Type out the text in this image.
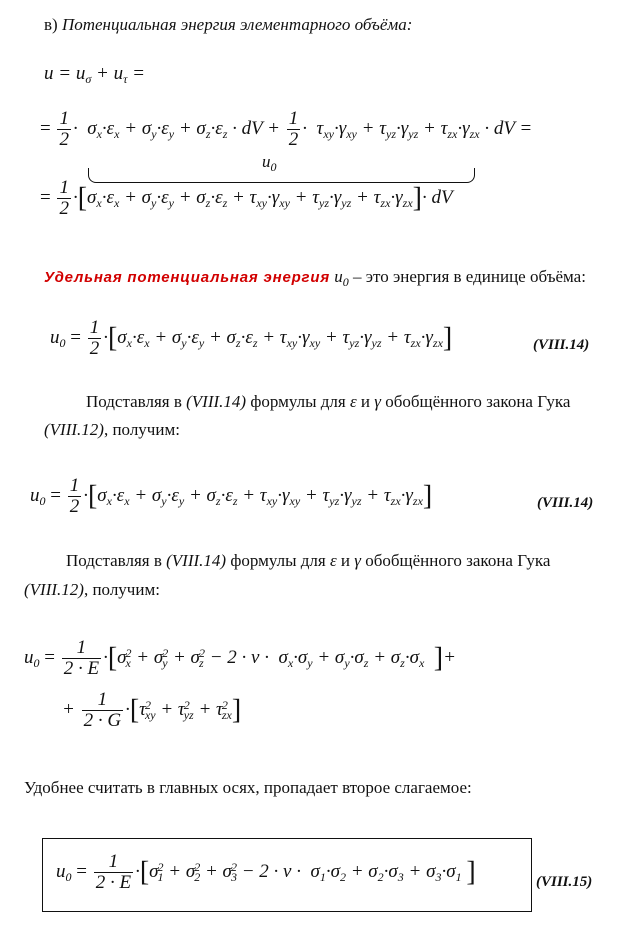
в) Потенциальная энергия элементарного объёма:
$u = u_\sigma + u_\tau$ =
= $\frac{1}{2} \cdot \sigma_x\cdot\varepsilon_x + \sigma_y\cdot\varepsilon_y + \sigma_z\cdot\varepsilon_z$ · dV + $\frac{1}{2} \cdot \tau_{xy}\cdot\gamma_{xy} + \tau_{yz}\cdot\gamma_{yz} + \tau_{zx}\cdot\gamma_{zx}$ · dV =
$u_0$
= $\frac{1}{2} \cdot[\sigma_x\cdot\varepsilon_x + \sigma_y\cdot\varepsilon_y + \sigma_z\cdot\varepsilon_z + \tau_{xy}\cdot\gamma_{xy} + \tau_{yz}\cdot\gamma_{yz} + \tau_{zx}\cdot\gamma_{zx}]\cdot$ dV
Удельная потенциальная энергия $u_0$ – это энергия в единице объёма:
$u_0 = \frac{1}{2} \cdot[\sigma_x\cdot\varepsilon_x + \sigma_y\cdot\varepsilon_y + \sigma_z\cdot\varepsilon_z + \tau_{xy}\cdot\gamma_{xy} + \tau_{yz}\cdot\gamma_{yz} + \tau_{zx}\cdot\gamma_{zx}]$	(VIII.14)
Подставляя в (VIII.14) формулы для ε и γ обобщённого закона Гука
(VIII.12), получим:
$u_0 = \frac{1}{2} \cdot[\sigma_x\cdot\varepsilon_x + \sigma_y\cdot\varepsilon_y + \sigma_z\cdot\varepsilon_z + \tau_{xy}\cdot\gamma_{xy} + \tau_{yz}\cdot\gamma_{yz} + \tau_{zx}\cdot\gamma_{zx}]$	(VIII.14)
Подставляя в (VIII.14) формулы для ε и γ обобщённого закона Гука
(VIII.12), получим:
$u_0 = \frac{1}{2 \cdot E} \cdot[\sigma$ 2
x + σ 2
y + σ 2
$z - 2 \cdot \nu \cdot \sigma_x\cdot\sigma_y + \sigma_y\cdot\sigma_z + \sigma_z\cdot\sigma_x$ ]+
+ $\frac{1}{2 \cdot G} \cdot[\tau$ 2
xy + τ 2
yz + τ 2
zx ]
Удобнее считать в главных осях, пропадает второе слагаемое:
$u_0 = \frac{1}{2 \cdot E} \cdot[\sigma$ 2
1 + σ 2
2 + σ 2
$3 - 2 \cdot \nu \cdot \sigma_1\cdot\sigma_2 + \sigma_2\cdot\sigma_3 + \sigma_3\cdot\sigma_1$ ]	(VIII.15)
